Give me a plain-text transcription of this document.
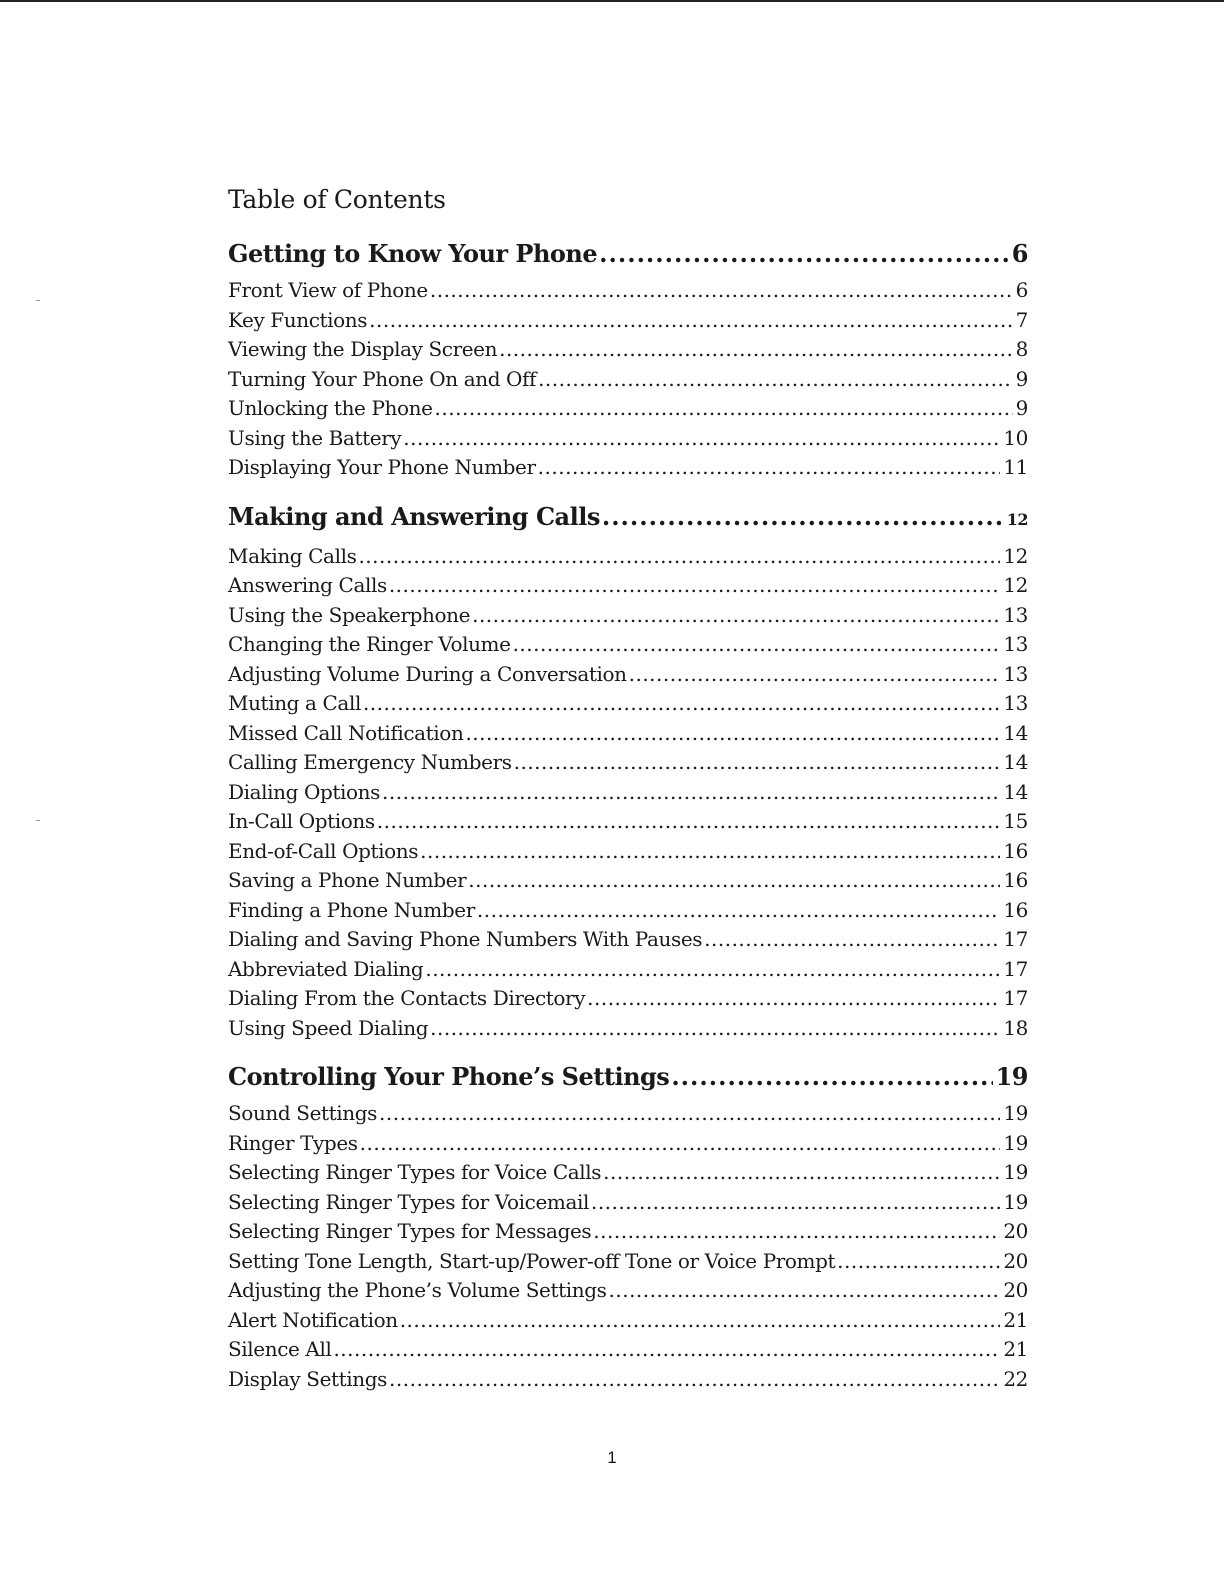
Table of Contents
Getting to Know Your Phone .....	6
Front View of Phone .....	6
Key Functions .....	7
Viewing the Display Screen .....	8
Turning Your Phone On and Off .....	9
Unlocking the Phone .....	9
Using the Battery .....	10
Displaying Your Phone Number .....	11
Making and Answering Calls .....	12
Making Calls .....	12
Answering Calls .....	12
Using the Speakerphone .....	13
Changing the Ringer Volume .....	13
Adjusting Volume During a Conversation .....	13
Muting a Call .....	13
Missed Call Notification .....	14
Calling Emergency Numbers .....	14
Dialing Options .....	14
In-Call Options .....	15
End-of-Call Options .....	16
Saving a Phone Number .....	16
Finding a Phone Number .....	16
Dialing and Saving Phone Numbers With Pauses .....	17
Abbreviated Dialing .....	17
Dialing From the Contacts Directory .....	17
Using Speed Dialing .....	18
Controlling Your Phone’s Settings .....	19
Sound Settings .....	19
Ringer Types .....	19
Selecting Ringer Types for Voice Calls .....	19
Selecting Ringer Types for Voicemail .....	19
Selecting Ringer Types for Messages .....	20
Setting Tone Length, Start-up/Power-off Tone or Voice Prompt .....	20
Adjusting the Phone’s Volume Settings .....	20
Alert Notification .....	21
Silence All .....	21
Display Settings .....	22
1
